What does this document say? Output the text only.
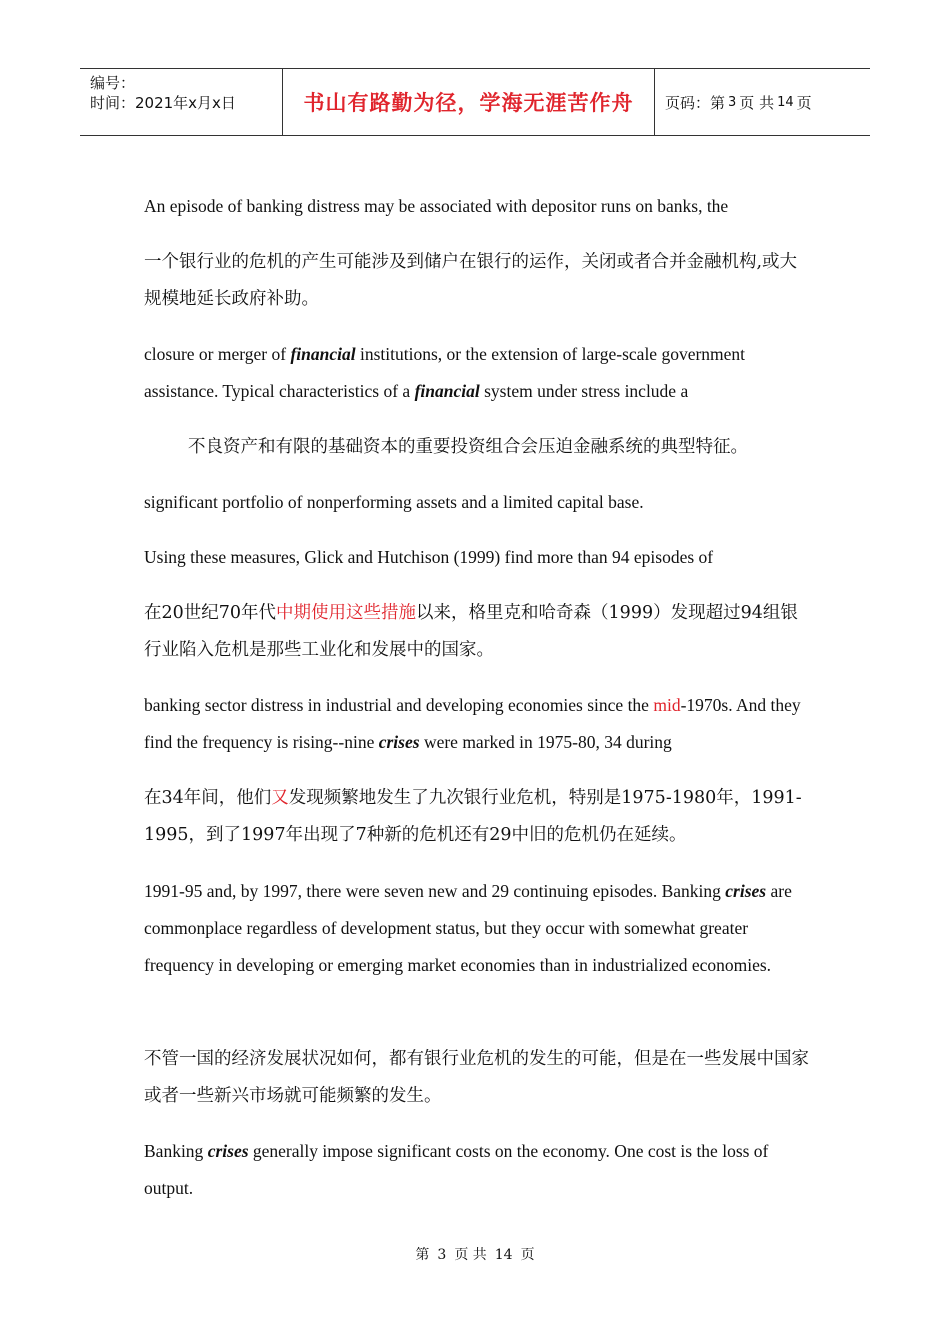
编号：
时间：2021年x月x日	书山有路勤为径，学海无涯苦作舟 页码：第 3 页 共 14 页

An episode of banking distress may be associated with depositor runs on banks, the

一个银行业的危机的产生可能涉及到储户在银行的运作，关闭或者合并金融机构,或大规模地延长政府补助。

closure or merger of financial institutions, or the extension of large-scale government assistance. Typical characteristics of a financial system under stress include a

不良资产和有限的基础资本的重要投资组合会压迫金融系统的典型特征。

significant portfolio of nonperforming assets and a limited capital base.

Using these measures, Glick and Hutchison (1999) find more than 94 episodes of

在20世纪70年代中期使用这些措施以来，格里克和哈奇森（1999）发现超过94组银行业陷入危机是那些工业化和发展中的国家。

banking sector distress in industrial and developing economies since the mid-1970s. And they find the frequency is rising--nine crises were marked in 1975-80, 34 during

在34年间，他们又发现频繁地发生了九次银行业危机，特别是1975-1980年，1991-1995，到了1997年出现了7种新的危机还有29中旧的危机仍在延续。

1991-95 and, by 1997, there were seven new and 29 continuing episodes. Banking crises are commonplace regardless of development status, but they occur with somewhat greater frequency in developing or emerging market economies than in industrialized economies.

不管一国的经济发展状况如何，都有银行业危机的发生的可能，但是在一些发展中国家或者一些新兴市场就可能频繁的发生。

Banking crises generally impose significant costs on the economy. One cost is the loss of output.

第 3 页 共 14 页
